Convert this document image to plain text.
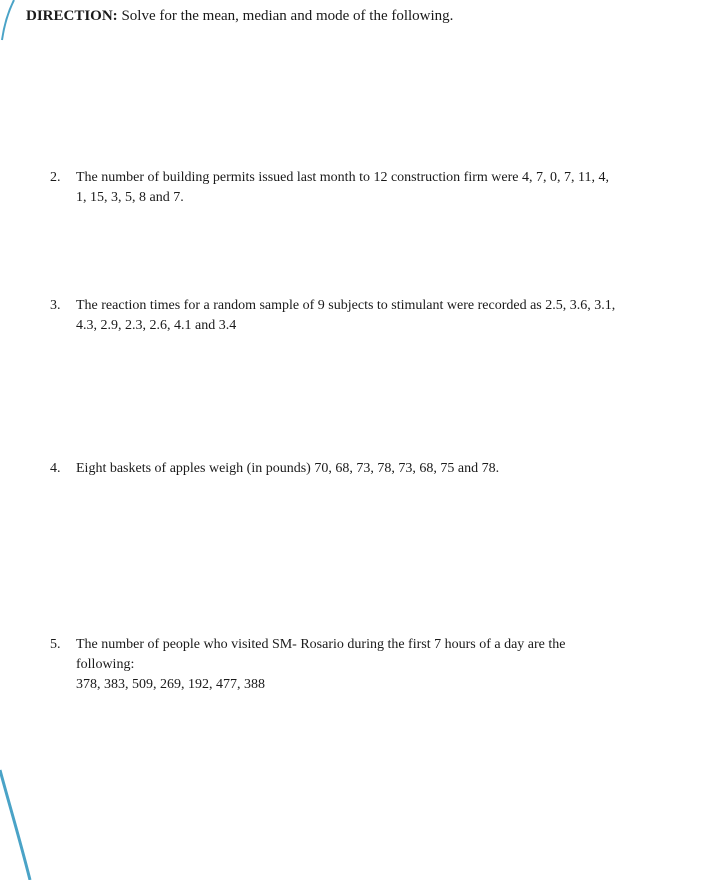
DIRECTION: Solve for the mean, median and mode of the following.
2.	The number of building permits issued last month to 12 construction firm were 4, 7, 0, 7, 11, 4,
1, 15, 3, 5, 8 and 7.
3.	The reaction times for a random sample of 9 subjects to stimulant were recorded as 2.5, 3.6, 3.1,
4.3, 2.9, 2.3, 2.6, 4.1 and 3.4
4.	Eight baskets of apples weigh (in pounds) 70, 68, 73, 78, 73, 68, 75 and 78.
5.	The number of people who visited SM- Rosario during the first 7 hours of a day are the
following:
378, 383, 509, 269, 192, 477, 388
